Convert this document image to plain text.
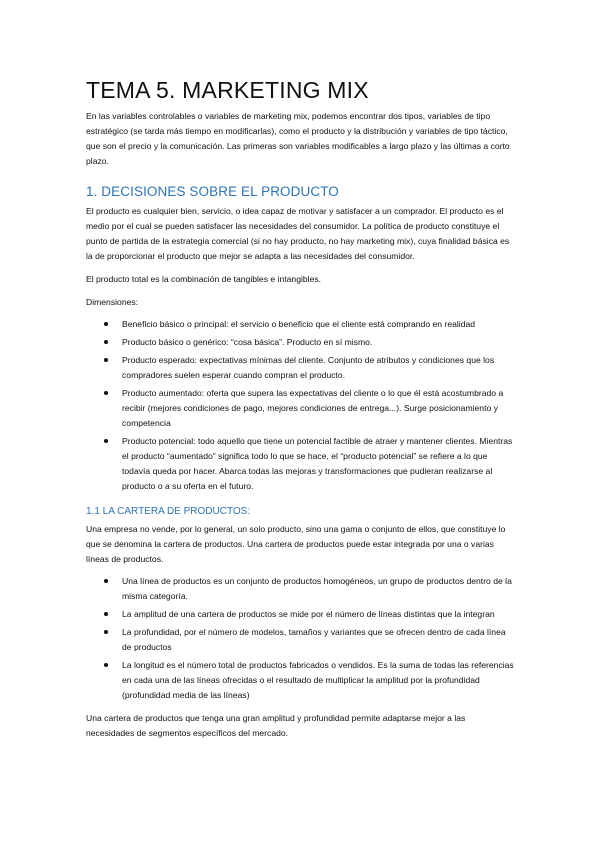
TEMA 5. MARKETING MIX

En las variables controlables o variables de marketing mix, podemos encontrar dos tipos, variables de tipo estratégico (se tarda más tiempo en modificarlas), como el producto y la distribución y variables de tipo táctico, que son el precio y la comunicación. Las primeras son variables modificables a largo plazo y las últimas a corto plazo.

1. DECISIONES SOBRE EL PRODUCTO

El producto es cualquier bien, servicio, o idea capaz de motivar y satisfacer a un comprador. El producto es el medio por el cual se pueden satisfacer las necesidades del consumidor. La política de producto constituye el punto de partida de la estrategia comercial (si no hay producto, no hay marketing mix), cuya finalidad básica es la de proporcionar el producto que mejor se adapta a las necesidades del consumidor.

El producto total es la combinación de tangibles e intangibles.

Dimensiones:

Beneficio básico o principal: el servicio o beneficio que el cliente está comprando en realidad
Producto básico o genérico: “cosa básica”. Producto en sí mismo.
Producto esperado: expectativas mínimas del cliente. Conjunto de atributos y condiciones que los compradores suelen esperar cuando compran el producto.
Producto aumentado: oferta que supera las expectativas del cliente o lo que él está acostumbrado a recibir (mejores condiciones de pago, mejores condiciones de entrega...). Surge posicionamiento y competencia
Producto potencial: todo aquello que tiene un potencial factible de atraer y mantener clientes. Mientras el producto “aumentado” significa todo lo que se hace, el “producto potencial” se refiere a lo que todavía queda por hacer. Abarca todas las mejoras y transformaciones que pudieran realizarse al producto o a su oferta en el futuro.
1.1 LA CARTERA DE PRODUCTOS:

Una empresa no vende, por lo general, un solo producto, sino una gama o conjunto de ellos, que constituye lo que se denomina la cartera de productos. Una cartera de productos puede estar integrada por una o varias líneas de productos.

Una línea de productos es un conjunto de productos homogéneos, un grupo de productos dentro de la misma categoría.
La amplitud de una cartera de productos se mide por el número de líneas distintas que la integran
La profundidad, por el número de modelos, tamaños y variantes que se ofrecen dentro de cada línea de productos
La longitud es el número total de productos fabricados o vendidos. Es la suma de todas las referencias en cada una de las líneas ofrecidas o el resultado de multiplicar la amplitud por la profundidad (profundidad media de las líneas)

Una cartera de productos que tenga una gran amplitud y profundidad permite adaptarse mejor a las necesidades de segmentos específicos del mercado.
